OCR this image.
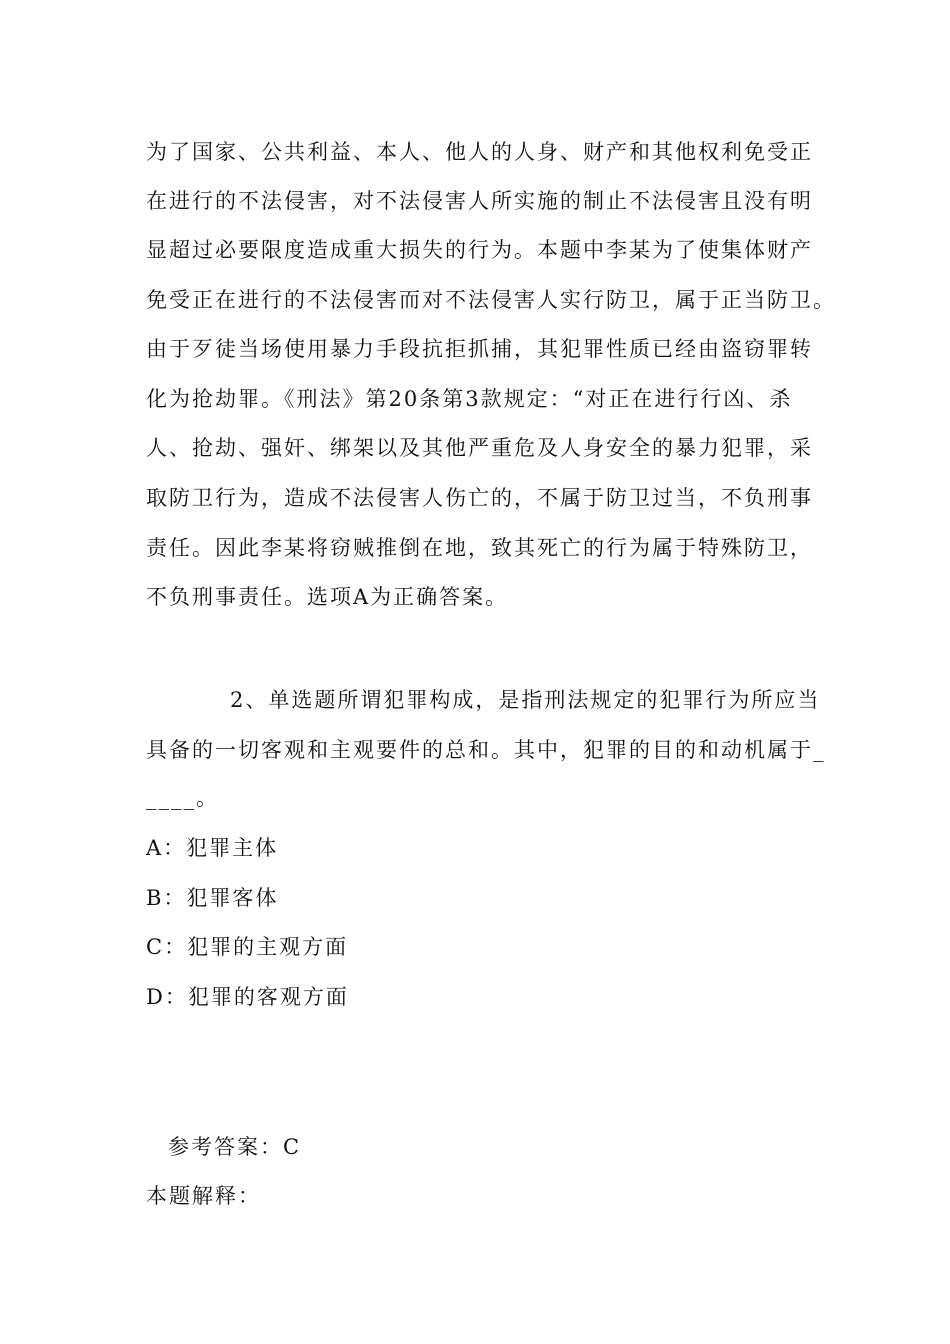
为了国家、公共利益、本人、他人的人身、财产和其他权利免受正
在进行的不法侵害，对不法侵害人所实施的制止不法侵害且没有明
显超过必要限度造成重大损失的行为。本题中李某为了使集体财产
免受正在进行的不法侵害而对不法侵害人实行防卫，属于正当防卫。
由于歹徒当场使用暴力手段抗拒抓捕，其犯罪性质已经由盗窃罪转
化为抢劫罪。《刑法》第20条第3款规定：“对正在进行行凶、杀
人、抢劫、强奸、绑架以及其他严重危及人身安全的暴力犯罪，采
取防卫行为，造成不法侵害人伤亡的，不属于防卫过当，不负刑事
责任。因此李某将窃贼推倒在地，致其死亡的行为属于特殊防卫，
不负刑事责任。选项A为正确答案。
2、单选题所谓犯罪构成，是指刑法规定的犯罪行为所应当
具备的一切客观和主观要件的总和。其中，犯罪的目的和动机属于_
____。
A：犯罪主体
B：犯罪客体
C：犯罪的主观方面
D：犯罪的客观方面
参考答案：C
本题解释：
